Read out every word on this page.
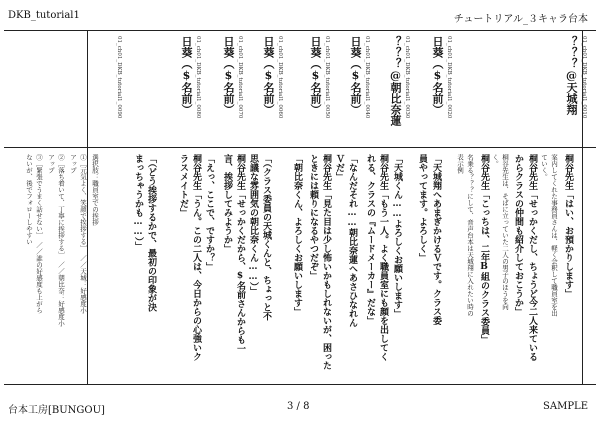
DKB_tutorial1	チュートリアル_３キャラ台本
01_ch01_DKB_tutorial1_0010
？？？@天城翔
桐谷先生「はい、お預かりします」
案内してくれた事務員さんは、軽く会釈して職員室を出
ていく。
桐谷先生「せっかくだし、ちょうど今二人来ている
からクラスの仲間も紹介しておこうか」
桐谷先生は、そばに立っていた二人の男子のほうを向
く。
桐谷先生「こっちは、二年B組のクラス委員」
名乗る？？？にして、音声台本は天城翔に入れたい時の
表示例
01_ch01_DKB_tutorial1_0020
日葵（$名前）
「天城翔へあまぎかけるＶです。クラス委
員やってます。よろしく」
01_ch01_DKB_tutorial1_0030
？？？@朝比奈蓮
「天城くん……よろしくお願いします」
桐谷先生「もう一人。よく職員室にも顔を出してく
れる、クラスの『ムードメーカー』だな」
01_ch01_DKB_tutorial1_0040
日葵（$名前）
「なんだそれ……朝比奈蓮へあさひなれん
Ｖだ」
桐谷先生「見た目は少し怖いかもしれないが、困った
ときには頼りになるやつだぞ」
01_ch01_DKB_tutorial1_0050
日葵（$名前）
「朝比奈くん、よろしくお願いします」
01_ch01_DKB_tutorial1_0060
日葵（$名前）
「（クラス委員の天城くんと、ちょっと不
思議な雰囲気の朝比奈くん……）」
桐谷先生「せっかくだから、$名前さんからも一
言、挨拶してみようか」
01_ch01_DKB_tutorial1_0070
日葵（$名前）
「えっ、ここで、ですか？」
桐谷先生「うん。この二人は、今日からの心強いク
ラスメイトだ」
01_ch01_DKB_tutorial1_0080
日葵（$名前）
「（どう挨拶するかで、最初の印象が決
まっちゃうかも……）」
01_ch01_DKB_tutorial1_0090
選択肢：職員室での挨拶
①［元気よく、笑顔で挨拶する］　／／天城：好感度小
アップ
②［落ち着いて、丁寧に挨拶する］　／／朝比奈：好感度小
アップ
③［緊張でうまく話せない］　／／誰の好感度も上がら
ないが、後でフォローしやすい
台本工房[BUNGOU]	3 / 8	SAMPLE
